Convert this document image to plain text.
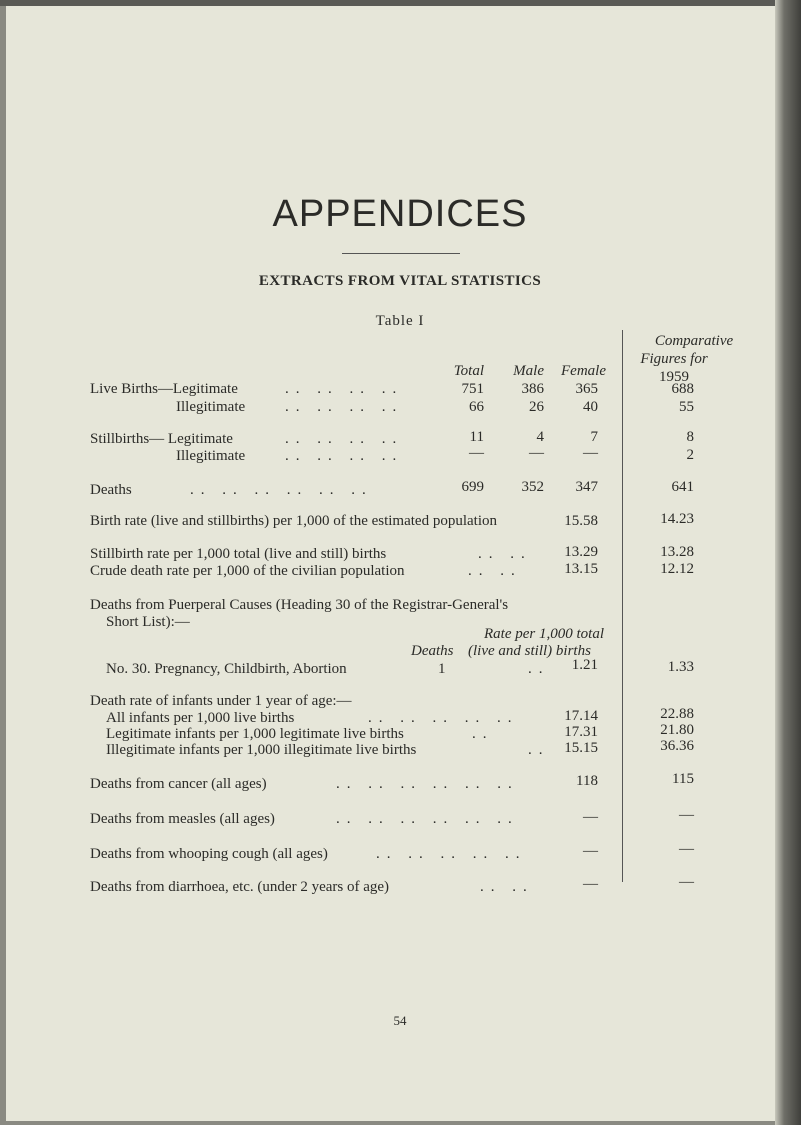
APPENDICES
EXTRACTS FROM VITAL STATISTICS
Table I
Comparative
Figures for
Total	Male	Female	1959
Live Births—Legitimate	.. .. .. ..	751	386	365	688
Illegitimate	.. .. .. ..	66	26	40	55
Stillbirths— Legitimate	.. .. .. ..	11	4	7	8
Illegitimate	.. .. .. ..	—	—	—	2
Deaths	.. .. .. .. .. ..	699	352	347	641
Birth rate (live and stillbirths) per 1,000 of the estimated population	15.58	14.23
Stillbirth rate per 1,000 total (live and still) births	.. ..	13.29	13.28
Crude death rate per 1,000 of the civilian population	.. ..	13.15	12.12
Deaths from Puerperal Causes (Heading 30 of the Registrar-General's
Short List):—
Rate per 1,000 total
Deaths (live and still) births
No. 30. Pregnancy, Childbirth, Abortion	1	..	1.21	1.33
Death rate of infants under 1 year of age:—
All infants per 1,000 live births	.. .. .. .. ..	17.14	22.88
Legitimate infants per 1,000 legitimate live births	..	17.31	21.80
Illegitimate infants per 1,000 illegitimate live births	.. 15.15	36.36
Deaths from cancer (all ages)	.. .. .. .. .. ..	118	115
Deaths from measles (all ages)	.. .. .. .. .. ..	—	—
Deaths from whooping cough (all ages)	.. .. .. .. ..	—	—
Deaths from diarrhoea, etc. (under 2 years of age)	.. ..	—	—
54
